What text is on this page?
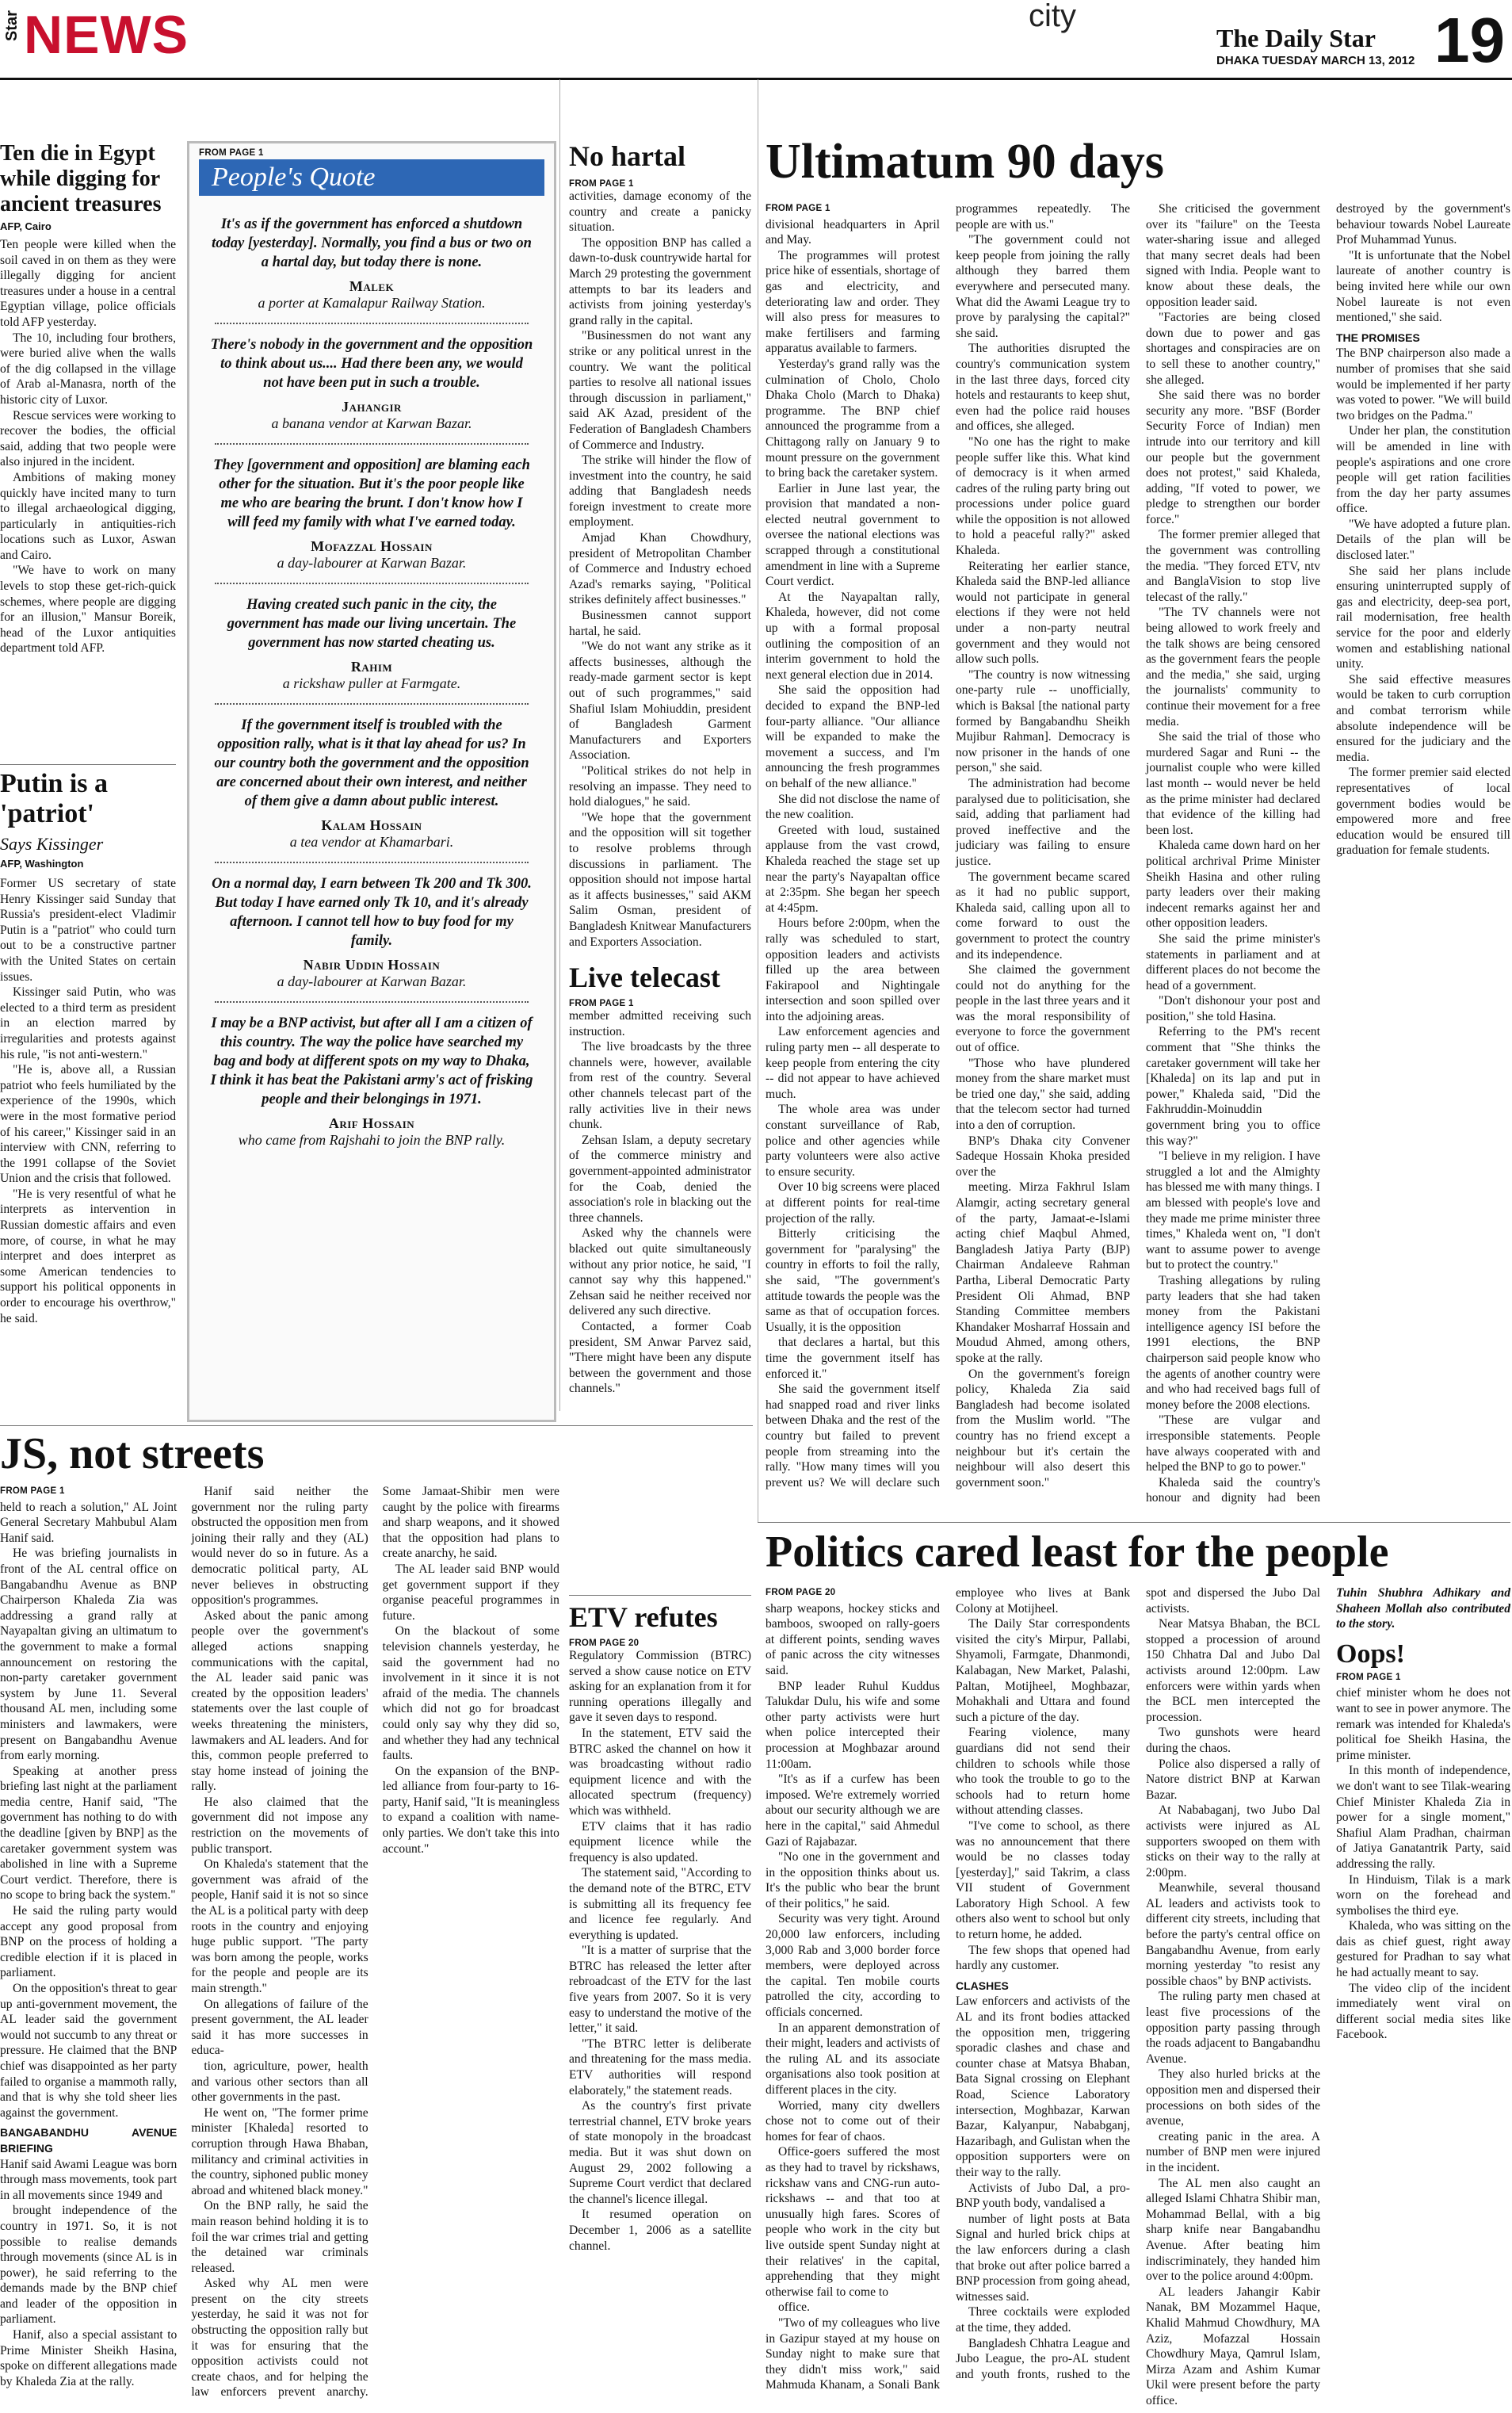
Star NEWS	city
The Daily Star
DHAKA TUESDAY MARCH 13, 2012 19
Ten die in Egypt while digging for ancient treasures
AFP, Cairo

Ten people were killed when the soil caved in on them as they were illegally digging for ancient treasures under a house in a central Egyptian village, police officials told AFP yesterday.

The 10, including four brothers, were buried alive when the walls of the dig collapsed in the village of Arab al-Manasra, north of the historic city of Luxor.

Rescue services were working to recover the bodies, the official said, adding that two people were also injured in the incident.

Ambitions of making money quickly have incited many to turn to illegal archaeological digging, particularly in antiquities-rich locations such as Luxor, Aswan and Cairo.

"We have to work on many levels to stop these get-rich-quick schemes, where people are digging for an illusion," Mansur Boreik, head of the Luxor antiquities department told AFP.

Putin is a 'patriot'
Says Kissinger
AFP, Washington

Former US secretary of state Henry Kissinger said Sunday that Russia's president-elect Vladimir Putin is a "patriot" who could turn out to be a constructive partner with the United States on certain issues.

Kissinger said Putin, who was elected to a third term as president in an election marred by irregularities and protests against his rule, "is not anti-western."

"He is, above all, a Russian patriot who feels humiliated by the experience of the 1990s, which were in the most formative period of his career," Kissinger said in an interview with CNN, referring to the 1991 collapse of the Soviet Union and the crisis that followed.

"He is very resentful of what he interprets as intervention in Russian domestic affairs and even more, of course, in what he may interpret and does interpret as some American tendencies to support his political opponents in order to encourage his overthrow," he said.

FROM PAGE 1
People's Quote
It's as if the government has enforced a shutdown today [yesterday]. Normally, you find a bus or two on a hartal day, but today there is none.
Malek
a porter at Kamalapur Railway Station.
There's nobody in the government and the opposition to think about us.... Had there been any, we would not have been put in such a trouble.
Jahangir
a banana vendor at Karwan Bazar.
They [government and opposition] are blaming each other for the situation. But it's the poor people like me who are bearing the brunt. I don't know how I will feed my family with what I've earned today.
Mofazzal Hossain
a day-labourer at Karwan Bazar.
Having created such panic in the city, the government has made our living uncertain. The government has now started cheating us.
Rahim
a rickshaw puller at Farmgate.
If the government itself is troubled with the opposition rally, what is it that lay ahead for us? In our country both the government and the opposition are concerned about their own interest, and neither of them give a damn about public interest.
Kalam Hossain
a tea vendor at Khamarbari.
On a normal day, I earn between Tk 200 and Tk 300. But today I have earned only Tk 10, and it's already afternoon. I cannot tell how to buy food for my family.
Nabir Uddin Hossain
a day-labourer at Karwan Bazar.
I may be a BNP activist, but after all I am a citizen of this country. The way the police have searched my bag and body at different spots on my way to Dhaka, I think it has beat the Pakistani army's act of frisking people and their belongings in 1971.
Arif Hossain
who came from Rajshahi to join the BNP rally.
No hartal
FROM PAGE 1

activities, damage economy of the country and create a panicky situation.

The opposition BNP has called a dawn-to-dusk countrywide hartal for March 29 protesting the government attempts to bar its leaders and activists from joining yesterday's grand rally in the capital.

"Businessmen do not want any strike or any political unrest in the country. We want the political parties to resolve all national issues through discussion in parliament," said AK Azad, president of the Federation of Bangladesh Chambers of Commerce and Industry.

The strike will hinder the flow of investment into the country, he said adding that Bangladesh needs foreign investment to create more employment.

Amjad Khan Chowdhury, president of Metropolitan Chamber of Commerce and Industry echoed Azad's remarks saying, "Political strikes definitely affect businesses."

Businessmen cannot support hartal, he said.

"We do not want any strike as it affects businesses, although the ready-made garment sector is kept out of such programmes," said Shafiul Islam Mohiuddin, president of Bangladesh Garment Manufacturers and Exporters Association.

"Political strikes do not help in resolving an impasse. They need to hold dialogues," he said.

"We hope that the government and the opposition will sit together to resolve problems through discussions in parliament. The opposition should not impose hartal as it affects businesses," said AKM Salim Osman, president of Bangladesh Knitwear Manufacturers and Exporters Association.

Live telecast
FROM PAGE 1

member admitted receiving such instruction.

The live broadcasts by the three channels were, however, available from rest of the country. Several other channels telecast part of the rally activities live in their news chunk.

Zehsan Islam, a deputy secretary of the commerce ministry and government-appointed administrator for the Coab, denied the association's role in blacking out the three channels.

Asked why the channels were blacked out quite simultaneously without any prior notice, he said, "I cannot say why this happened." Zehsan said he neither received nor delivered any such directive.

Contacted, a former Coab president, SM Anwar Parvez said, "There might have been any dispute between the government and those channels."

ETV refutes
FROM PAGE 20

Regulatory Commission (BTRC) served a show cause notice on ETV asking for an explanation from it for running operations illegally and gave it seven days to respond.

In the statement, ETV said the BTRC asked the channel on how it was broadcasting without radio equipment licence and with the allocated spectrum (frequency) which was withheld.

ETV claims that it has radio equipment licence while the frequency is also updated.

The statement said, "According to the demand note of the BTRC, ETV is submitting all its frequency fee and licence fee regularly. And everything is updated.

"It is a matter of surprise that the BTRC has released the letter after rebroadcast of the ETV for the last five years from 2007. So it is very easy to understand the motive of the letter," it said.

"The BTRC letter is deliberate and threatening for the mass media. ETV authorities will respond elaborately," the statement reads.

As the country's first private terrestrial channel, ETV broke years of state monopoly in the broadcast media. But it was shut down on August 29, 2002 following a Supreme Court verdict that declared the channel's licence illegal.

It resumed operation on December 1, 2006 as a satellite channel.

Ultimatum 90 days
FROM PAGE 1

divisional headquarters in April and May.

The programmes will protest price hike of essentials, shortage of gas and electricity, and deteriorating law and order. They will also press for measures to make fertilisers and farming apparatus available to farmers.

Yesterday's grand rally was the culmination of Cholo, Cholo Dhaka Cholo (March to Dhaka) programme. The BNP chief announced the programme from a Chittagong rally on January 9 to mount pressure on the government to bring back the caretaker system.

Earlier in June last year, the provision that mandated a non-elected neutral government to oversee the national elections was scrapped through a constitutional amendment in line with a Supreme Court verdict.

At the Nayapaltan rally, Khaleda, however, did not come up with a formal proposal outlining the composition of an interim government to hold the next general election due in 2014.

She said the opposition had decided to expand the BNP-led four-party alliance. "Our alliance will be expanded to make the movement a success, and I'm announcing the fresh programmes on behalf of the new alliance."

She did not disclose the name of the new coalition.

Greeted with loud, sustained applause from the vast crowd, Khaleda reached the stage set up near the party's Nayapaltan office at 2:35pm. She began her speech at 4:45pm.

Hours before 2:00pm, when the rally was scheduled to start, opposition leaders and activists filled up the area between Fakirapool and Nightingale intersection and soon spilled over into the adjoining areas.

Law enforcement agencies and ruling party men -- all desperate to keep people from entering the city -- did not appear to have achieved much.

The whole area was under constant surveillance of Rab, police and other agencies while party volunteers were also active to ensure security.

Over 10 big screens were placed at different points for real-time projection of the rally.

Bitterly criticising the government for "paralysing" the country in efforts to foil the rally, she said, "The government's attitude towards the people was the same as that of occupation forces. Usually, it is the opposition

that declares a hartal, but this time the government itself has enforced it."

She said the government itself had snapped road and river links between Dhaka and the rest of the country but failed to prevent people from streaming into the rally. "How many times will you prevent us? We will declare such programmes repeatedly. The people are with us."

"The government could not keep people from joining the rally although they barred them everywhere and persecuted many. What did the Awami League try to prove by paralysing the capital?" she said.

The authorities disrupted the country's communication system in the last three days, forced city hotels and restaurants to keep shut, even had the police raid houses and offices, she alleged.

"No one has the right to make people suffer like this. What kind of democracy is it when armed cadres of the ruling party bring out processions under police guard while the opposition is not allowed to hold a peaceful rally?" asked Khaleda.

Reiterating her earlier stance, Khaleda said the BNP-led alliance would not participate in general elections if they were not held under a non-party neutral government and they would not allow such polls.

"The country is now witnessing one-party rule -- unofficially, which is Baksal [the national party formed by Bangabandhu Sheikh Mujibur Rahman]. Democracy is now prisoner in the hands of one person," she said.

The administration had become paralysed due to politicisation, she said, adding that parliament had proved ineffective and the judiciary was failing to ensure justice.

The government became scared as it had no public support, Khaleda said, calling upon all to come forward to oust the government to protect the country and its independence.

She claimed the government could not do anything for the people in the last three years and it was the moral responsibility of everyone to force the government out of office.

"Those who have plundered money from the share market must be tried one day," she said, adding that the telecom sector had turned into a den of corruption.

BNP's Dhaka city Convener Sadeque Hossain Khoka presided over the

meeting. Mirza Fakhrul Islam Alamgir, acting secretary general of the party, Jamaat-e-Islami acting chief Maqbul Ahmed, Bangladesh Jatiya Party (BJP) Chairman Andaleeve Rahman Partha, Liberal Democratic Party President Oli Ahmad, BNP Standing Committee members Khandaker Mosharraf Hossain and Moudud Ahmed, among others, spoke at the rally.

On the government's foreign policy, Khaleda Zia said Bangladesh had become isolated from the Muslim world. "The country has no friend except a neighbour but it's certain the neighbour will also desert this government soon."

She criticised the government over its "failure" on the Teesta water-sharing issue and alleged that many secret deals had been signed with India. People want to know about these deals, the opposition leader said.

"Factories are being closed down due to power and gas shortages and conspiracies are on to sell these to another country," she alleged.

She said there was no border security any more. "BSF (Border Security Force of Indian) men intrude into our territory and kill our people but the government does not protest," said Khaleda, adding, "If voted to power, we pledge to strengthen our border force."

The former premier alleged that the government was controlling the media. "They forced ETV, ntv and BanglaVision to stop live telecast of the rally."

"The TV channels were not being allowed to work freely and the talk shows are being censored as the government fears the people and the media," she said, urging the journalists' community to continue their movement for a free media.

She said the trial of those who murdered Sagar and Runi -- the journalist couple who were killed last month -- would never be held as the prime minister had declared that evidence of the killing had been lost.

Khaleda came down hard on her political archrival Prime Minister Sheikh Hasina and other ruling party leaders over their making indecent remarks against her and other opposition leaders.

She said the prime minister's statements in parliament and at different places do not become the head of a government.

"Don't dishonour your post and position," she told Hasina.

Referring to the PM's recent comment that "She thinks the caretaker government will take her [Khaleda] on its lap and put in power," Khaleda said, "Did the Fakhruddin-Moinuddin government bring you to office this way?"

"I believe in my religion. I have struggled a lot and the Almighty has blessed me with many things. I am blessed with people's love and they made me prime minister three times," Khaleda went on, "I don't want to assume power to avenge but to protect the country."

Trashing allegations by ruling party leaders that she had taken money from the Pakistani intelligence agency ISI before the 1991 elections, the BNP chairperson said people know who the agents of another country were and who had received bags full of money before the 2008 elections.

"These are vulgar and irresponsible statements. People have always cooperated with and helped the BNP to go to power."

Khaleda said the country's honour and dignity had been destroyed by the government's behaviour towards Nobel Laureate Prof Muhammad Yunus.

"It is unfortunate that the Nobel laureate of another country is being invited here while our own Nobel laureate is not even mentioned," she said.

THE PROMISES

The BNP chairperson also made a number of promises that she said would be implemented if her party was voted to power. "We will build two bridges on the Padma."

Under her plan, the constitution will be amended in line with people's aspirations and one crore people will get ration facilities from the day her party assumes office.

"We have adopted a future plan. Details of the plan will be disclosed later."

She said her plans include ensuring uninterrupted supply of gas and electricity, deep-sea port, rail modernisation, free health service for the poor and elderly women and establishing national unity.

She said effective measures would be taken to curb corruption and combat terrorism while absolute independence will be ensured for the judiciary and the media.

The former premier said elected representatives of local government bodies would be empowered more and free education would be ensured till graduation for female students.

JS, not streets
FROM PAGE 1

held to reach a solution," AL Joint General Secretary Mahbubul Alam Hanif said.

He was briefing journalists in front of the AL central office on Bangabandhu Avenue as BNP Chairperson Khaleda Zia was addressing a grand rally at Nayapaltan giving an ultimatum to the government to make a formal announcement on restoring the non-party caretaker government system by June 11. Several thousand AL men, including some ministers and lawmakers, were present on Bangabandhu Avenue from early morning.

Speaking at another press briefing last night at the parliament media centre, Hanif said, "The government has nothing to do with the deadline [given by BNP] as the caretaker government system was abolished in line with a Supreme Court verdict. Therefore, there is no scope to bring back the system."

He said the ruling party would accept any good proposal from BNP on the process of holding a credible election if it is placed in parliament.

On the opposition's threat to gear up anti-government movement, the AL leader said the government would not succumb to any threat or pressure. He claimed that the BNP chief was disappointed as her party failed to organise a mammoth rally, and that is why she told sheer lies against the government.

BANGABANDHU AVENUE BRIEFING

Hanif said Awami League was born through mass movements, took part in all movements since 1949 and

brought independence of the country in 1971. So, it is not possible to realise demands through movements (since AL is in power), he said referring to the demands made by the BNP chief and leader of the opposition in parliament.

Hanif, also a special assistant to Prime Minister Sheikh Hasina, spoke on different allegations made by Khaleda Zia at the rally.

Hanif said neither the government nor the ruling party obstructed the opposition men from joining their rally and they (AL) would never do so in future. As a democratic political party, AL never believes in obstructing opposition's programmes.

Asked about the panic among people over the government's alleged actions snapping communications with the capital, the AL leader said panic was created by the opposition leaders' statements over the last couple of weeks threatening the ministers, lawmakers and AL leaders. And for this, common people preferred to stay home instead of joining the rally.

He also claimed that the government did not impose any restriction on the movements of public transport.

On Khaleda's statement that the government was afraid of the people, Hanif said it is not so since the AL is a political party with deep roots in the country and enjoying huge public support. "The party was born among the people, works for the people and people are its main strength."

On allegations of failure of the present government, the AL leader said it has more successes in educa-

tion, agriculture, power, health and various other sectors than all other governments in the past.

He went on, "The former prime minister [Khaleda] resorted to corruption through Hawa Bhaban, militancy and criminal activities in the country, siphoned public money abroad and whitened black money."

On the BNP rally, he said the main reason behind holding it is to foil the war crimes trial and getting the detained war criminals released.

Asked why AL men were present on the city streets yesterday, he said it was not for obstructing the opposition rally but it was for ensuring that the opposition activists could not create chaos, and for helping the law enforcers prevent anarchy. Some Jamaat-Shibir men were caught by the police with firearms and sharp weapons, and it showed that the opposition had plans to create anarchy, he said.

The AL leader said BNP would get government support if they organise peaceful programmes in future.

On the blackout of some television channels yesterday, he said the government had no involvement in it since it is not afraid of the media. The channels which did not go for broadcast could only say why they did so, and whether they had any technical faults.

On the expansion of the BNP-led alliance from four-party to 16-party, Hanif said, "It is meaningless to expand a coalition with name-only parties. We don't take this into account."

Politics cared least for the people
FROM PAGE 20

sharp weapons, hockey sticks and bamboos, swooped on rally-goers at different points, sending waves of panic across the city witnesses said.

BNP leader Ruhul Kuddus Talukdar Dulu, his wife and some other party activists were hurt when police intercepted their procession at Moghbazar around 11:00am.

"It's as if a curfew has been imposed. We're extremely worried about our security although we are here in the capital," said Ahmedul Gazi of Rajabazar.

"No one in the government and in the opposition thinks about us. It's the public who bear the brunt of their politics," he said.

Security was very tight. Around 20,000 law enforcers, including 3,000 Rab and 3,000 border force members, were deployed across the capital. Ten mobile courts patrolled the city, according to officials concerned.

In an apparent demonstration of their might, leaders and activists of the ruling AL and its associate organisations also took position at different places in the city.

Worried, many city dwellers chose not to come out of their homes for fear of chaos.

Office-goers suffered the most as they had to travel by rickshaws, rickshaw vans and CNG-run auto-rickshaws -- and that too at unusually high fares. Scores of people who work in the city but live outside spent Sunday night at their relatives' in the capital, apprehending that they might otherwise fail to come to

office.

"Two of my colleagues who live in Gazipur stayed at my house on Sunday night to make sure that they didn't miss work," said Mahmuda Khanam, a Sonali Bank employee who lives at Bank Colony at Motijheel.

The Daily Star correspondents visited the city's Mirpur, Pallabi, Shyamoli, Farmgate, Dhanmondi, Kalabagan, New Market, Palashi, Paltan, Motijheel, Moghbazar, Mohakhali and Uttara and found such a picture of the day.

Fearing violence, many guardians did not send their children to schools while those who took the trouble to go to the schools had to return home without attending classes.

"I've come to school, as there was no announcement that there would be no classes today [yesterday]," said Takrim, a class VII student of Government Laboratory High School. A few others also went to school but only to return home, he added.

The few shops that opened had hardly any customer.

CLASHES

Law enforcers and activists of the AL and its front bodies attacked the opposition men, triggering sporadic clashes and chase and counter chase at Matsya Bhaban, Bata Signal crossing on Elephant Road, Science Laboratory intersection, Moghbazar, Karwan Bazar, Kalyanpur, Nababganj, Hazaribagh, and Gulistan when the opposition supporters were on their way to the rally.

Activists of Jubo Dal, a pro-BNP youth body, vandalised a

number of light posts at Bata Signal and hurled brick chips at the law enforcers during a clash that broke out after police barred a BNP procession from going ahead, witnesses said.

Three cocktails were exploded at the time, they added.

Bangladesh Chhatra League and Jubo League, the pro-AL student and youth fronts, rushed to the spot and dispersed the Jubo Dal activists.

Near Matsya Bhaban, the BCL stopped a procession of around 150 Chhatra Dal and Jubo Dal activists around 12:00pm. Law enforcers were within yards when the BCL men intercepted the procession.

Two gunshots were heard during the chaos.

Police also dispersed a rally of Natore district BNP at Karwan Bazar.

At Nababaganj, two Jubo Dal activists were injured as AL supporters swooped on them with sticks on their way to the rally at 2:00pm.

Meanwhile, several thousand AL leaders and activists took to different city streets, including that before the party's central office on Bangabandhu Avenue, from early morning yesterday "to resist any possible chaos" by BNP activists.

The ruling party men chased at least five processions of the opposition party passing through the roads adjacent to Bangabandhu Avenue.

They also hurled bricks at the opposition men and dispersed their processions on both sides of the avenue,

creating panic in the area. A number of BNP men were injured in the incident.

The AL men also caught an alleged Islami Chhatra Shibir man, Mohammad Bellal, with a big sharp knife near Bangabandhu Avenue. After beating him indiscriminately, they handed him over to the police around 4:00pm.

AL leaders Jahangir Kabir Nanak, BM Mozammel Haque, Khalid Mahmud Chowdhury, MA Aziz, Mofazzal Hossain Chowdhury Maya, Qamrul Islam, Mirza Azam and Ashim Kumar Ukil were present before the party office.

Tuhin Shubhra Adhikary and Shaheen Mollah also contributed to the story.

Oops!
FROM PAGE 1

chief minister whom he does not want to see in power anymore. The remark was intended for Khaleda's political foe Sheikh Hasina, the prime minister.

In this month of independence, we don't want to see Tilak-wearing Chief Minister Khaleda Zia in power for a single moment," Shafiul Alam Pradhan, chairman of Jatiya Ganatantrik Party, said addressing the rally.

In Hinduism, Tilak is a mark worn on the forehead and symbolises the third eye.

Khaleda, who was sitting on the dais as chief guest, right away gestured for Pradhan to say what he had actually meant to say.

The video clip of the incident immediately went viral on different social media sites like Facebook.
